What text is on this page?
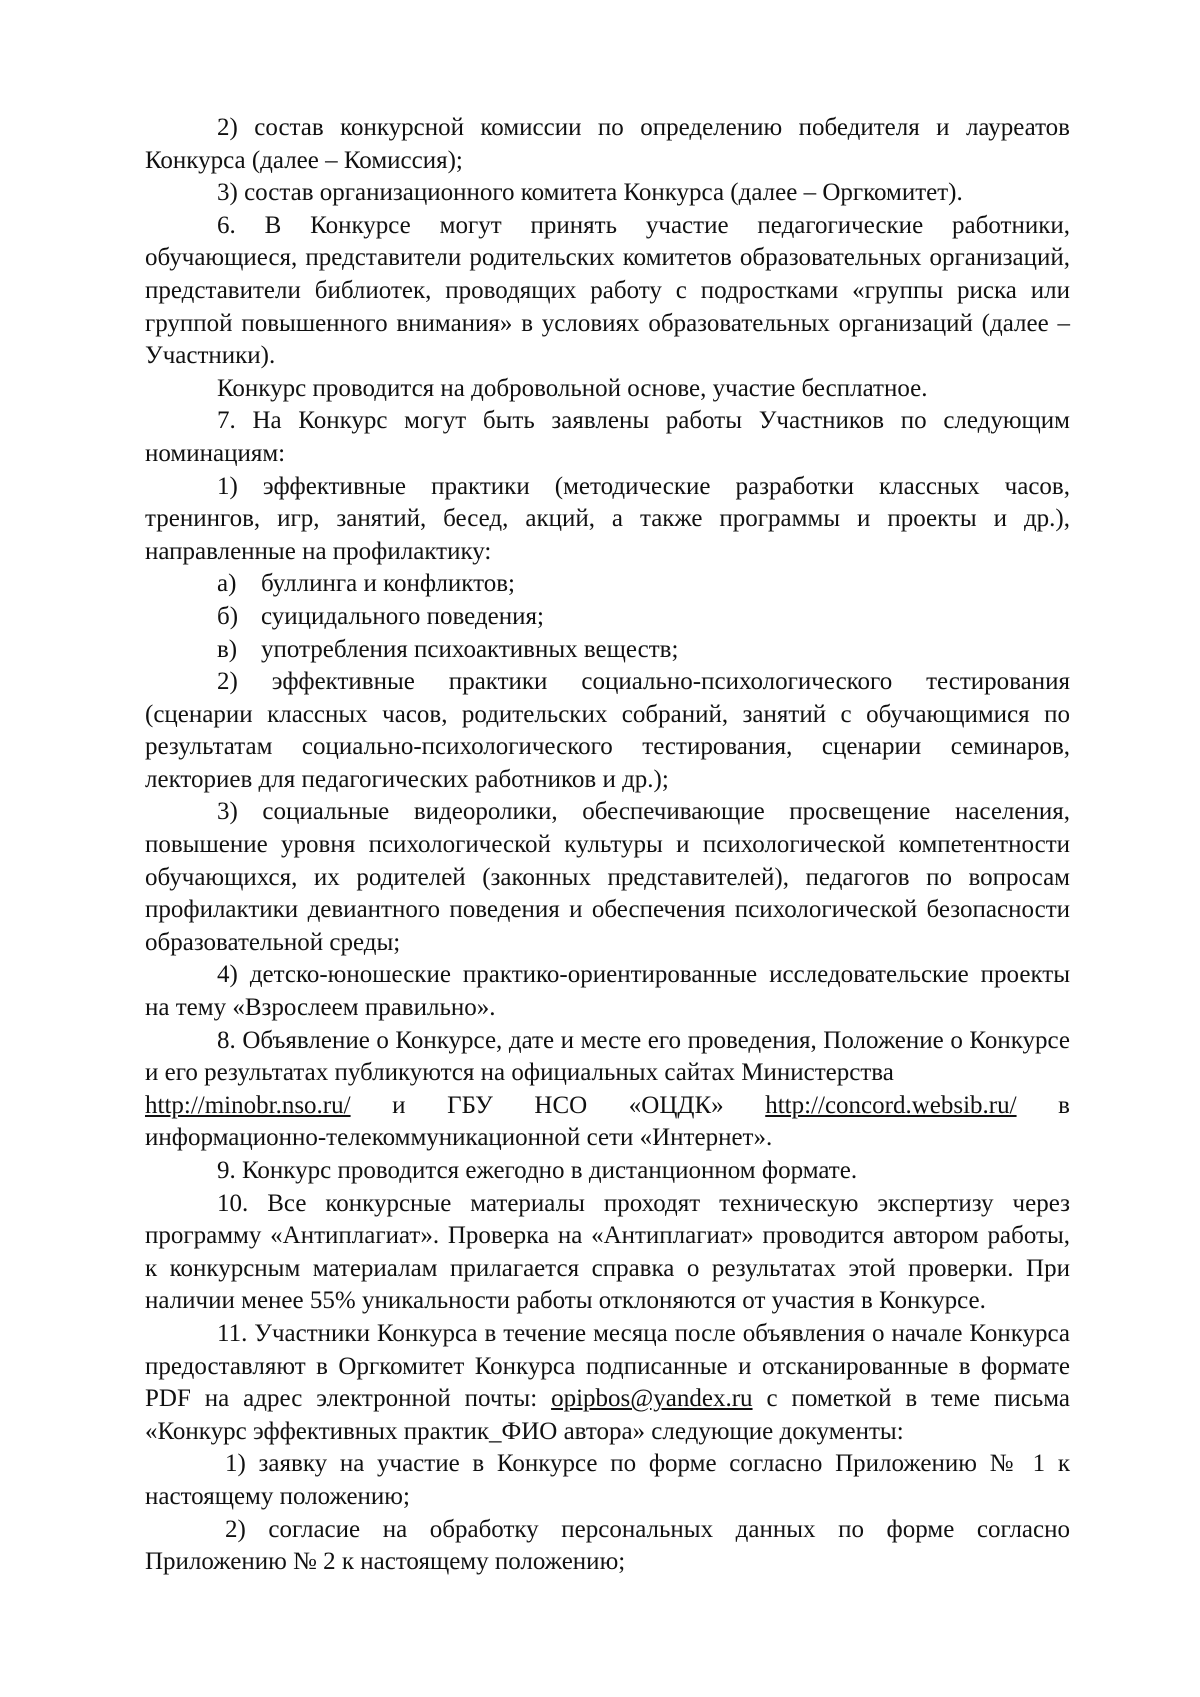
2) состав конкурсной комиссии по определению победителя и лауреатов Конкурса (далее – Комиссия);

3) состав организационного комитета Конкурса (далее – Оргкомитет).

6. В Конкурсе могут принять участие педагогические работники, обучающиеся, представители родительских комитетов образовательных организаций, представители библиотек, проводящих работу с подростками «группы риска или группой повышенного внимания» в условиях образовательных организаций (далее – Участники).

Конкурс проводится на добровольной основе, участие бесплатное.

7. На Конкурс могут быть заявлены работы Участников по следующим номинациям:

1) эффективные практики (методические разработки классных часов, тренингов, игр, занятий, бесед, акций, а также программы и проекты и др.), направленные на профилактику:

а) буллинга и конфликтов;

б) суицидального поведения;

в) употребления психоактивных веществ;

2) эффективные практики социально-психологического тестирования (сценарии классных часов, родительских собраний, занятий с обучающимися по результатам социально-психологического тестирования, сценарии семинаров, лекториев для педагогических работников и др.);

3) социальные видеоролики, обеспечивающие просвещение населения, повышение уровня психологической культуры и психологической компетентности обучающихся, их родителей (законных представителей), педагогов по вопросам профилактики девиантного поведения и обеспечения психологической безопасности образовательной среды;

4) детско-юношеские практико-ориентированные исследовательские проекты на тему «Взрослеем правильно».

8. Объявление о Конкурсе, дате и месте его проведения, Положение о Конкурсе и его результатах публикуются на официальных сайтах Министерства

http://minobr.nso.ru/ и ГБУ НСО «ОЦДК» http://concord.websib.ru/ в

информационно-телекоммуникационной сети «Интернет».

9. Конкурс проводится ежегодно в дистанционном формате.

10. Все конкурсные материалы проходят техническую экспертизу через программу «Антиплагиат». Проверка на «Антиплагиат» проводится автором работы, к конкурсным материалам прилагается справка о результатах этой проверки. При наличии менее 55% уникальности работы отклоняются от участия в Конкурсе.

11. Участники Конкурса в течение месяца после объявления о начале Конкурса предоставляют в Оргкомитет Конкурса подписанные и отсканированные в формате PDF на адрес электронной почты: opipbos@yandex.ru с пометкой в теме письма «Конкурс эффективных практик_ФИО автора» следующие документы:

1) заявку на участие в Конкурсе по форме согласно Приложению № 1 к настоящему положению;

2) согласие на обработку персональных данных по форме согласно Приложению № 2 к настоящему положению;
